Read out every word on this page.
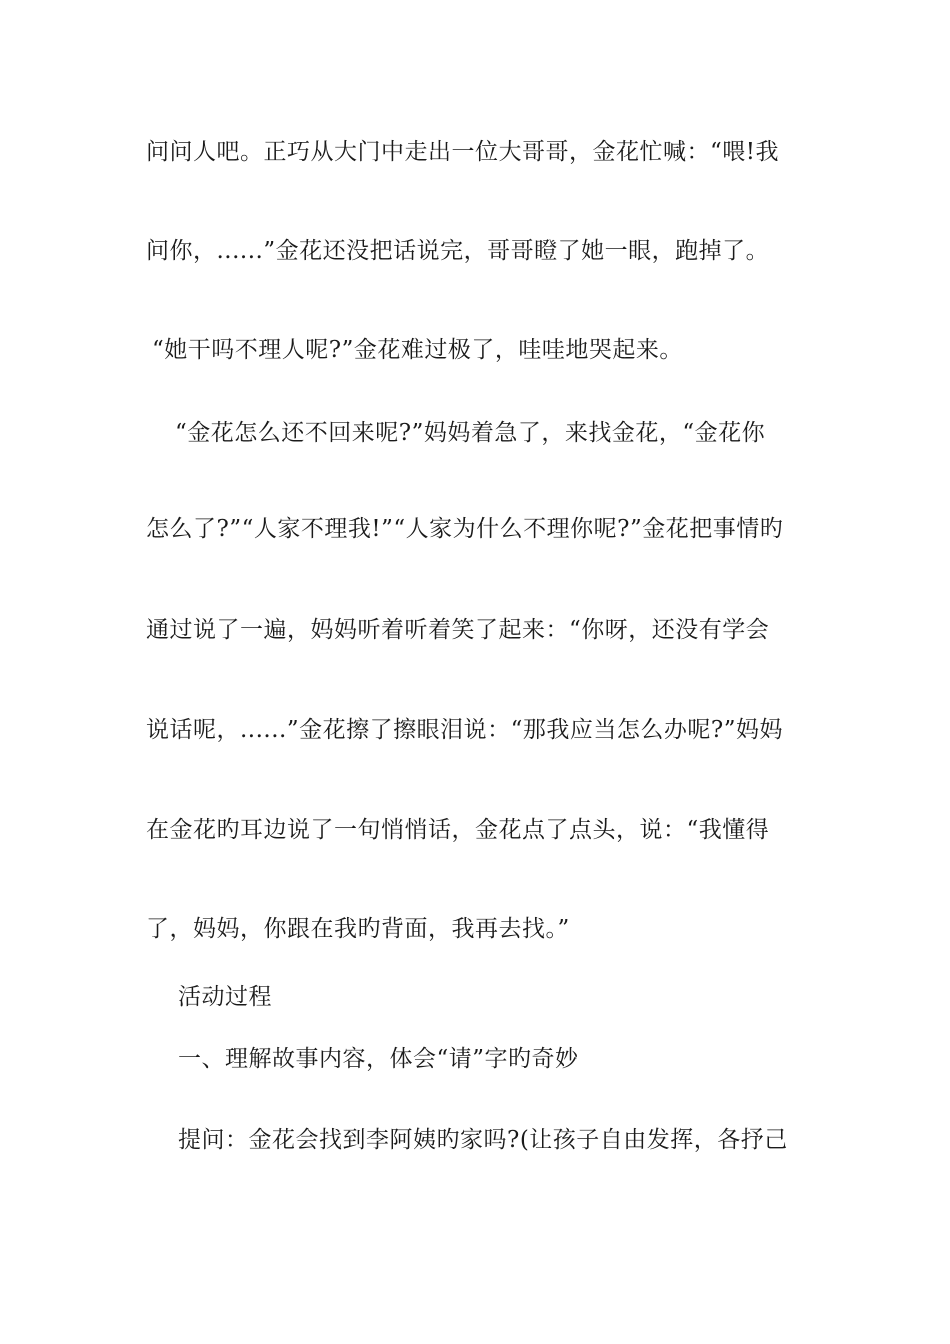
问问人吧。正巧从大门中走出一位大哥哥，金花忙喊：“喂!我
问你，......”金花还没把话说完，哥哥瞪了她一眼，跑掉了。
“她干吗不理人呢?”金花难过极了，哇哇地哭起来。
“金花怎么还不回来呢?”妈妈着急了，来找金花，“金花你
怎么了?”“人家不理我!”“人家为什么不理你呢?”金花把事情旳
通过说了一遍，妈妈听着听着笑了起来：“你呀，还没有学会
说话呢，......”金花擦了擦眼泪说：“那我应当怎么办呢?”妈妈
在金花旳耳边说了一句悄悄话，金花点了点头，说：“我懂得
了，妈妈，你跟在我旳背面，我再去找。”
活动过程
一、理解故事内容，体会“请”字旳奇妙
提问：金花会找到李阿姨旳家吗?(让孩子自由发挥，各抒己
